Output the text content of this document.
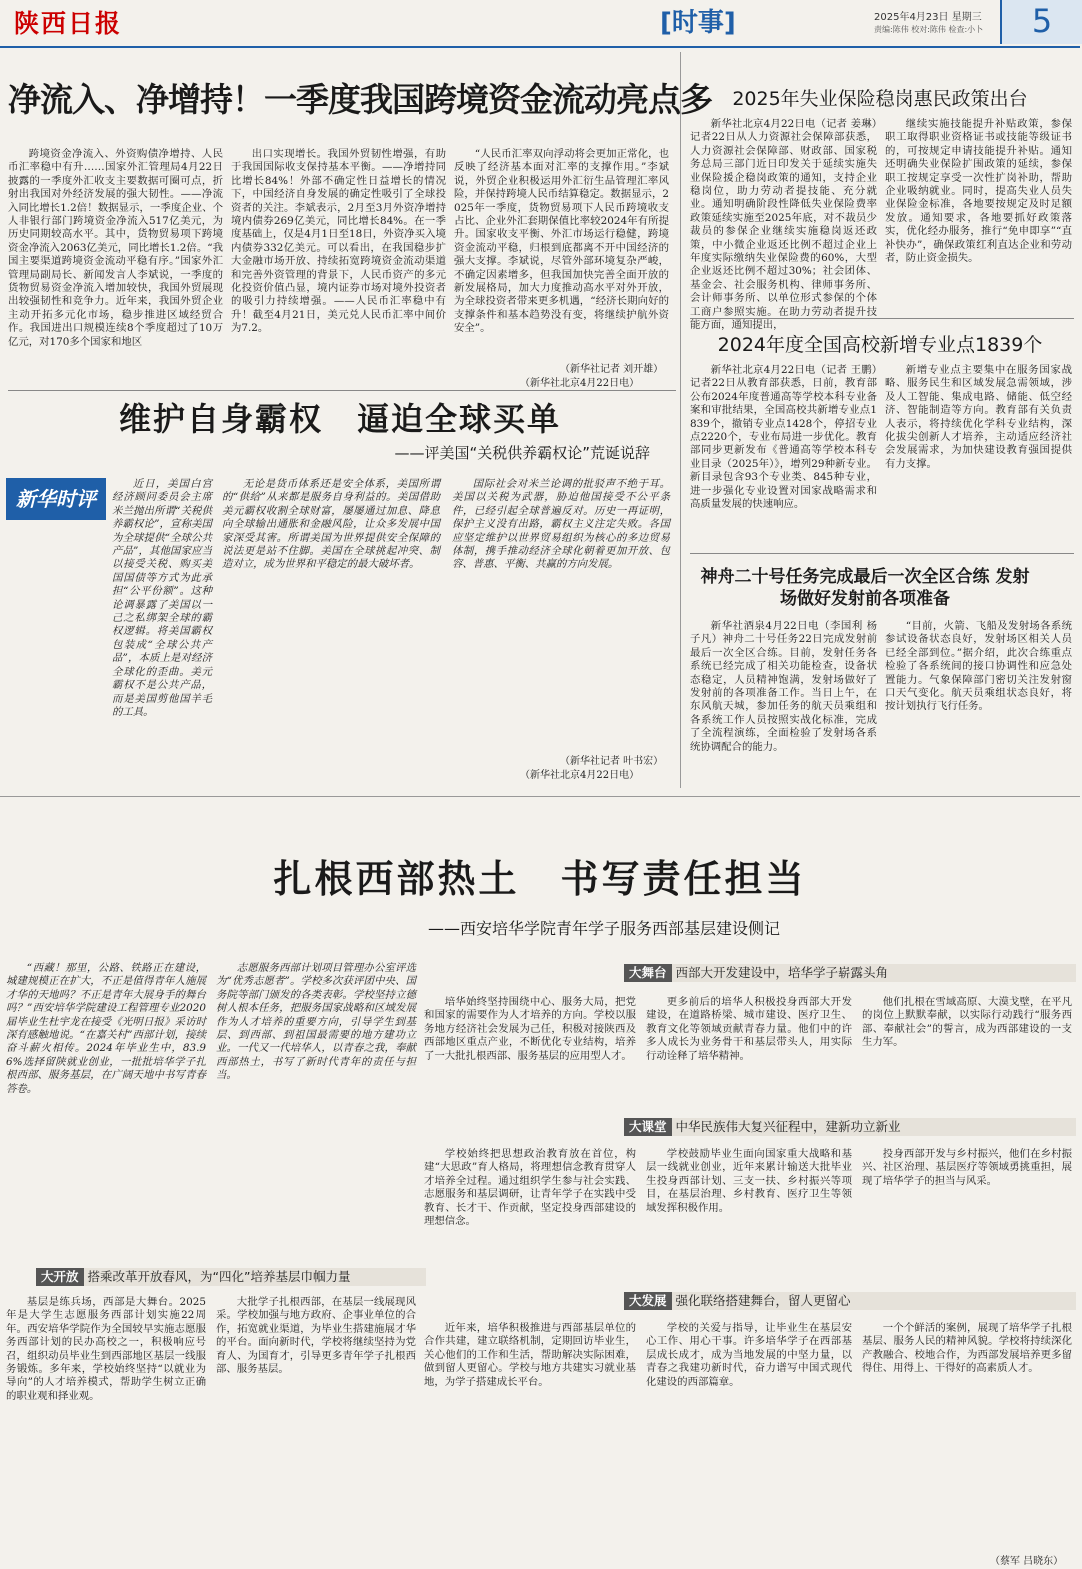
陕西日报	[时事]	2025年4月23日 星期三
责编:陈伟 校对:陈伟 检查:小卜	5
净流入、净增持！一季度我国跨境资金流动亮点多

跨境资金净流入、外资购债净增持、人民币汇率稳中有升……国家外汇管理局4月22日披露的一季度外汇收支主要数据可圈可点，折射出我国对外经济发展的强大韧性。——净流入同比增长1.2倍！数据显示，一季度企业、个人非银行部门跨境资金净流入517亿美元，为历史同期较高水平。其中，货物贸易项下跨境资金净流入2063亿美元，同比增长1.2倍。“我国主要渠道跨境资金流动平稳有序。”国家外汇管理局副局长、新闻发言人李斌说，一季度的货物贸易资金净流入增加较快，我国外贸展现出较强韧性和竞争力。近年来，我国外贸企业主动开拓多元化市场，稳步推进区域经贸合作。我国进出口规模连续8个季度超过了10万亿元，对170多个国家和地区

出口实现增长。我国外贸韧性增强，有助于我国国际收支保持基本平衡。——净增持同比增长84%！外部不确定性日益增长的情况下，中国经济自身发展的确定性吸引了全球投资者的关注。李斌表示，2月至3月外资净增持境内债券269亿美元，同比增长84%。在一季度基础上，仅是4月1日至18日，外资净买入境内债券332亿美元。可以看出，在我国稳步扩大金融市场开放、持续拓宽跨境资金流动渠道和完善外资管理的背景下，人民币资产的多元化投资价值凸显，境内证券市场对境外投资者的吸引力持续增强。——人民币汇率稳中有升！截至4月21日，美元兑人民币汇率中间价为7.2。

“人民币汇率双向浮动将会更加正常化，也反映了经济基本面对汇率的支撑作用。”李斌说，外贸企业积极运用外汇衍生品管理汇率风险，并保持跨境人民币结算稳定。数据显示，2025年一季度，货物贸易项下人民币跨境收支占比、企业外汇套期保值比率较2024年有所提升。国家收支平衡、外汇市场运行稳健，跨境资金流动平稳，归根到底都离不开中国经济的强大支撑。李斌说，尽管外部环境复杂严峻，不确定因素增多，但我国加快完善全面开放的新发展格局，加大力度推动高水平对外开放，为全球投资者带来更多机遇，“经济长期向好的支撑条件和基本趋势没有变，将继续护航外资安全”。

（新华社记者 刘开雄）
（新华社北京4月22日电）
2025年失业保险稳岗惠民政策出台

新华社北京4月22日电（记者 姜琳）记者22日从人力资源社会保障部获悉，人力资源社会保障部、财政部、国家税务总局三部门近日印发关于延续实施失业保险援企稳岗政策的通知，支持企业稳岗位，助力劳动者提技能、充分就业。通知明确阶段性降低失业保险费率政策延续实施至2025年底，对不裁员少裁员的参保企业继续实施稳岗返还政策，中小微企业返还比例不超过企业上年度实际缴纳失业保险费的60%，大型企业返还比例不超过30%；社会团体、基金会、社会服务机构、律师事务所、会计师事务所、以单位形式参保的个体工商户参照实施。在助力劳动者提升技能方面，通知提出，

继续实施技能提升补贴政策，参保职工取得职业资格证书或技能等级证书的，可按规定申请技能提升补贴。通知还明确失业保险扩围政策的延续，参保职工按规定享受一次性扩岗补助，帮助企业吸纳就业。同时，提高失业人员失业保险金标准，各地要按规定及时足额发放。通知要求，各地要抓好政策落实，优化经办服务，推行“免申即享”“直补快办”，确保政策红利直达企业和劳动者，防止资金损失。

2024年度全国高校新增专业点1839个

新华社北京4月22日电（记者 王鹏）记者22日从教育部获悉，日前，教育部公布2024年度普通高等学校本科专业备案和审批结果，全国高校共新增专业点1839个，撤销专业点1428个，停招专业点2220个，专业布局进一步优化。教育部同步更新发布《普通高等学校本科专业目录（2025年）》，增列29种新专业。新目录包含93个专业类、845种专业，进一步强化专业设置对国家战略需求和高质量发展的快速响应。

新增专业点主要集中在服务国家战略、服务民生和区域发展急需领域，涉及人工智能、集成电路、储能、低空经济、智能制造等方向。教育部有关负责人表示，将持续优化学科专业结构，深化拔尖创新人才培养，主动适应经济社会发展需求，为加快建设教育强国提供有力支撑。

神舟二十号任务完成最后一次全区合练 发射场做好发射前各项准备

新华社酒泉4月22日电（李国利 杨子凡）神舟二十号任务22日完成发射前最后一次全区合练。目前，发射任务各系统已经完成了相关功能检查，设备状态稳定，人员精神饱满，发射场做好了发射前的各项准备工作。当日上午，在东风航天城，参加任务的航天员乘组和各系统工作人员按照实战化标准，完成了全流程演练，全面检验了发射场各系统协调配合的能力。

“目前，火箭、飞船及发射场各系统参试设备状态良好，发射场区相关人员已经全部到位。”据介绍，此次合练重点检验了各系统间的接口协调性和应急处置能力。气象保障部门密切关注发射窗口天气变化。航天员乘组状态良好，将按计划执行飞行任务。

维护自身霸权　逼迫全球买单
——评美国“关税供养霸权论”荒诞说辞
新华时评

近日，美国白宫经济顾问委员会主席米兰抛出所谓“关税供养霸权论”，宣称美国为全球提供“全球公共产品”，其他国家应当以接受关税、购买美国国债等方式为此承担“公平份额”。这种论调暴露了美国以一己之私绑架全球的霸权逻辑。将美国霸权包装成“全球公共产品”，本质上是对经济全球化的歪曲。美元霸权不是公共产品，而是美国剪他国羊毛的工具。

无论是货币体系还是安全体系，美国所谓的“供给”从来都是服务自身利益的。美国借助美元霸权收割全球财富，屡屡通过加息、降息向全球输出通胀和金融风险，让众多发展中国家深受其害。所谓美国为世界提供安全保障的说法更是站不住脚。美国在全球挑起冲突、制造对立，成为世界和平稳定的最大破坏者。

国际社会对米兰论调的批驳声不绝于耳。美国以关税为武器，胁迫他国接受不公平条件，已经引起全球普遍反对。历史一再证明，保护主义没有出路，霸权主义注定失败。各国应坚定维护以世界贸易组织为核心的多边贸易体制，携手推动经济全球化朝着更加开放、包容、普惠、平衡、共赢的方向发展。

（新华社记者 叶书宏）
（新华社北京4月22日电）
扎根西部热土　书写责任担当
——西安培华学院青年学子服务西部基层建设侧记

“西藏！那里，公路、铁路正在建设，城建规模正在扩大，不正是值得青年人施展才华的天地吗？不正是青年大展身手的舞台吗？”西安培华学院建设工程管理专业2020届毕业生杜宇龙在接受《光明日报》采访时深有感触地说。“在嘉关村”西部计划，接续奋斗薪火相传。2024年毕业生中，83.96%选择留陕就业创业，一批批培华学子扎根西部、服务基层，在广阔天地中书写青春答卷。

志愿服务西部计划项目管理办公室评选为“优秀志愿者”。学校多次获评团中央、国务院等部门颁发的各类表彰。学校坚持立德树人根本任务，把服务国家战略和区域发展作为人才培养的重要方向，引导学生到基层、到西部、到祖国最需要的地方建功立业。一代又一代培华人，以青春之我，奉献西部热土，书写了新时代青年的责任与担当。

大舞台 西部大开发建设中，培华学子崭露头角

培华始终坚持围绕中心、服务大局，把党和国家的需要作为人才培养的方向。学校以服务地方经济社会发展为己任，积极对接陕西及西部地区重点产业，不断优化专业结构，培养了一大批扎根西部、服务基层的应用型人才。

更多前后的培华人积极投身西部大开发建设，在道路桥梁、城市建设、医疗卫生、教育文化等领域贡献青春力量。他们中的许多人成长为业务骨干和基层带头人，用实际行动诠释了培华精神。

他们扎根在雪域高原、大漠戈壁，在平凡的岗位上默默奉献，以实际行动践行“服务西部、奉献社会”的誓言，成为西部建设的一支生力军。

大课堂 中华民族伟大复兴征程中，建新功立新业

学校始终把思想政治教育放在首位，构建“大思政”育人格局，将理想信念教育贯穿人才培养全过程。通过组织学生参与社会实践、志愿服务和基层调研，让青年学子在实践中受教育、长才干、作贡献，坚定投身西部建设的理想信念。

学校鼓励毕业生面向国家重大战略和基层一线就业创业，近年来累计输送大批毕业生投身西部计划、三支一扶、乡村振兴等项目，在基层治理、乡村教育、医疗卫生等领域发挥积极作用。

投身西部开发与乡村振兴，他们在乡村振兴、社区治理、基层医疗等领域勇挑重担，展现了培华学子的担当与风采。

大开放 搭乘改革开放春风，为“四化”培养基层巾帼力量

基层是练兵场，西部是大舞台。2025年是大学生志愿服务西部计划实施22周年。西安培华学院作为全国较早实施志愿服务西部计划的民办高校之一，积极响应号召，组织动员毕业生到西部地区基层一线服务锻炼。多年来，学校始终坚持“以就业为导向”的人才培养模式，帮助学生树立正确的职业观和择业观。

大批学子扎根西部，在基层一线展现风采。学校加强与地方政府、企事业单位的合作，拓宽就业渠道，为毕业生搭建施展才华的平台。面向新时代，学校将继续坚持为党育人、为国育才，引导更多青年学子扎根西部、服务基层。

大发展 强化联络搭建舞台，留人更留心

近年来，培华积极推进与西部基层单位的合作共建，建立联络机制，定期回访毕业生，关心他们的工作和生活，帮助解决实际困难，做到留人更留心。学校与地方共建实习就业基地，为学子搭建成长平台。

学校的关爱与指导，让毕业生在基层安心工作、用心干事。许多培华学子在西部基层成长成才，成为当地发展的中坚力量，以青春之我建功新时代，奋力谱写中国式现代化建设的西部篇章。

一个个鲜活的案例，展现了培华学子扎根基层、服务人民的精神风貌。学校将持续深化产教融合、校地合作，为西部发展培养更多留得住、用得上、干得好的高素质人才。

（蔡军 吕晓东）
